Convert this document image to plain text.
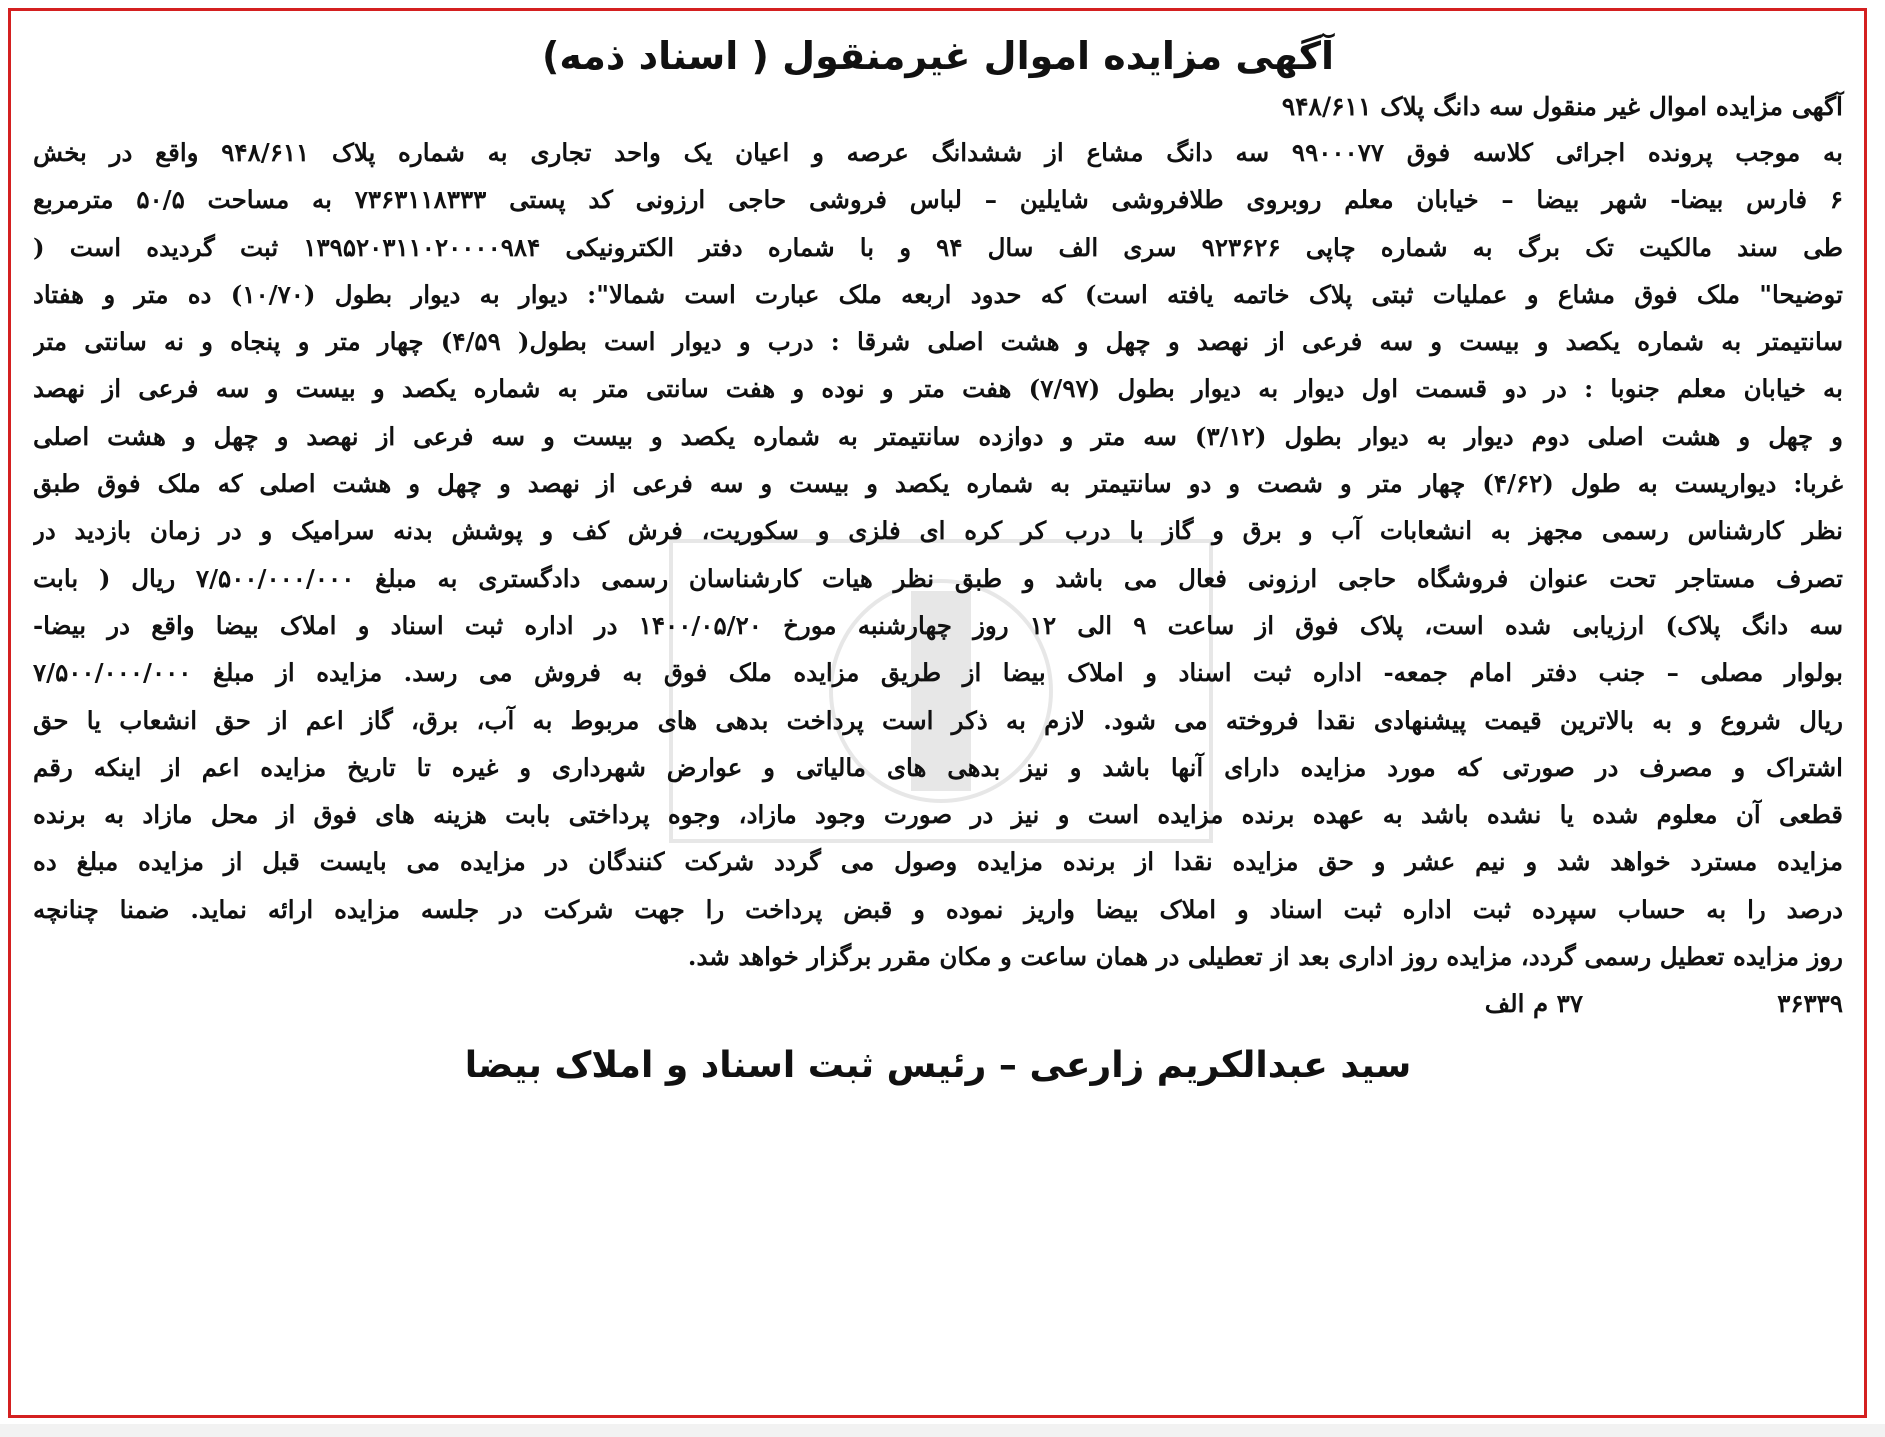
آگهی مزایده اموال غیرمنقول ( اسناد ذمه)
آگهی مزایده اموال غیر منقول سه دانگ پلاک ۹۴۸/۶۱۱
به موجب پرونده اجرائی کلاسه فوق ۹۹۰۰۰۷۷ سه دانگ مشاع از ششدانگ عرصه و اعیان یک واحد تجاری به شماره پلاک ۹۴۸/۶۱۱ واقع در بخش
۶ فارس بیضا- شهر بیضا – خیابان معلم روبروی طلافروشی شایلین – لباس فروشی حاجی ارزونی کد پستی ۷۳۶۳۱۱۸۳۳۳ به مساحت ۵۰/۵ مترمربع
طی سند مالکیت تک برگ به شماره چاپی ۹۲۳۶۲۶ سری الف سال ۹۴ و با شماره دفتر الکترونیکی ۱۳۹۵۲۰۳۱۱۰۲۰۰۰۰۹۸۴ ثبت گردیده است (
توضیحا" ملک فوق مشاع و عملیات ثبتی پلاک خاتمه یافته است) که حدود اربعه ملک عبارت است شمالا": دیوار به دیوار بطول (۱۰/۷۰) ده متر و هفتاد
سانتیمتر به شماره یکصد و بیست و سه فرعی از نهصد و چهل و هشت اصلی شرقا : درب و دیوار است بطول( ۴/۵۹) چهار متر و پنجاه و نه سانتی متر
به خیابان معلم جنوبا : در دو قسمت اول دیوار به دیوار بطول (۷/۹۷) هفت متر و نوده و هفت سانتی متر به شماره یکصد و بیست و سه فرعی از نهصد
و چهل و هشت اصلی دوم دیوار به دیوار بطول (۳/۱۲) سه متر و دوازده سانتیمتر به شماره یکصد و بیست و سه فرعی از نهصد و چهل و هشت اصلی
غربا: دیواریست به طول (۴/۶۲) چهار متر و شصت و دو سانتیمتر به شماره یکصد و بیست و سه فرعی از نهصد و چهل و هشت اصلی که ملک فوق طبق
نظر کارشناس رسمی مجهز به انشعابات آب و برق و گاز با درب کر کره ای فلزی و سکوریت، فرش کف و پوشش بدنه سرامیک و در زمان بازدید در
تصرف مستاجر تحت عنوان فروشگاه حاجی ارزونی فعال می باشد و طبق نظر هیات کارشناسان رسمی دادگستری به مبلغ ۷/۵۰۰/۰۰۰/۰۰۰ ریال ( بابت
سه دانگ پلاک) ارزیابی شده است، پلاک فوق از ساعت ۹ الی ۱۲ روز چهارشنبه مورخ ۱۴۰۰/۰۵/۲۰ در اداره ثبت اسناد و املاک بیضا واقع در بیضا-
بولوار مصلی – جنب دفتر امام جمعه- اداره ثبت اسناد و املاک بیضا از طریق مزایده ملک فوق به فروش می رسد. مزایده از مبلغ ۷/۵۰۰/۰۰۰/۰۰۰
ریال شروع و به بالاترین قیمت پیشنهادی نقدا فروخته می شود. لازم به ذکر است پرداخت بدهی های مربوط به آب، برق، گاز اعم از حق انشعاب یا حق
اشتراک و مصرف در صورتی که مورد مزایده دارای آنها باشد و نیز بدهی های مالیاتی و عوارض شهرداری و غیره تا تاریخ مزایده اعم از اینکه رقم
قطعی آن معلوم شده یا نشده باشد به عهده برنده مزایده است و نیز در صورت وجود مازاد، وجوه پرداختی بابت هزینه های فوق از محل مازاد به برنده
مزایده مسترد خواهد شد و نیم عشر و حق مزایده نقدا از برنده مزایده وصول می گردد شرکت کنندگان در مزایده می بایست قبل از مزایده مبلغ ده
درصد را به حساب سپرده ثبت اداره ثبت اسناد و املاک بیضا واریز نموده و قبض پرداخت را جهت شرکت در جلسه مزایده ارائه نماید. ضمنا چنانچه
روز مزایده تعطیل رسمی گردد، مزایده روز اداری بعد از تعطیلی در همان ساعت و مکان مقرر برگزار خواهد شد.
۳۶۳۳۹
۳۷ م الف
سید عبدالکریم زارعی – رئیس ثبت اسناد و املاک بیضا
